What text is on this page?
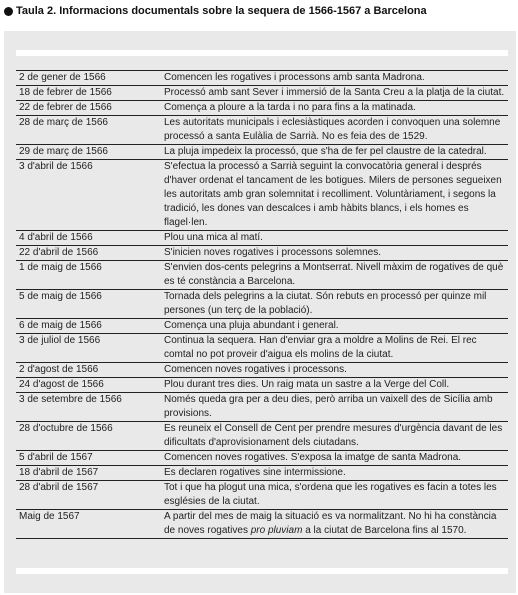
Taula 2. Informacions documentals sobre la sequera de 1566-1567 a Barcelona
2 de gener de 1566	Comencen les rogatives i processons amb santa Madrona.
18 de febrer de 1566	Processó amb sant Sever i immersió de la Santa Creu a la platja de la ciutat.
22 de febrer de 1566	Comença a ploure a la tarda i no para fins a la matinada.
28 de març de 1566	Les autoritats municipals i eclesiàstiques acorden i convoquen una solemne processó a santa Eulàlia de Sarrià. No es feia des de 1529.
29 de març de 1566	La pluja impedeix la processó, que s'ha de fer pel claustre de la catedral.
3 d'abril de 1566	S'efectua la processó a Sarrià seguint la convocatòria general i després d'haver ordenat el tancament de les botigues. Milers de persones segueixen les autoritats amb gran solemnitat i recolliment. Voluntàriament, i segons la tradició, les dones van descalces i amb hàbits blancs, i els homes es flagel·len.
4 d'abril de 1566	Plou una mica al matí.
22 d'abril de 1566	S'inicien noves rogatives i processons solemnes.
1 de maig de 1566	S'envien dos-cents pelegrins a Montserrat. Nivell màxim de rogatives de què es té constància a Barcelona.
5 de maig de 1566	Tornada dels pelegrins a la ciutat. Són rebuts en processó per quinze mil persones (un terç de la població).
6 de maig de 1566	Comença una pluja abundant i general.
3 de juliol de 1566	Continua la sequera. Han d'enviar gra a moldre a Molins de Rei. El rec comtal no pot proveir d'aigua els molins de la ciutat.
2 d'agost de 1566	Comencen noves rogatives i processons.
24 d'agost de 1566	Plou durant tres dies. Un raig mata un sastre a la Verge del Coll.
3 de setembre de 1566	Només queda gra per a deu dies, però arriba un vaixell des de Sicília amb provisions.
28 d'octubre de 1566	Es reuneix el Consell de Cent per prendre mesures d'urgència davant de les dificultats d'aprovisionament dels ciutadans.
5 d'abril de 1567	Comencen noves rogatives. S'exposa la imatge de santa Madrona.
18 d'abril de 1567	Es declaren rogatives sine intermissione.
28 d'abril de 1567	Tot i que ha plogut una mica, s'ordena que les rogatives es facin a totes les esglésies de la ciutat.
Maig de 1567	A partir del mes de maig la situació es va normalitzant. No hi ha constància de noves rogatives pro pluviam a la ciutat de Barcelona fins al 1570.
